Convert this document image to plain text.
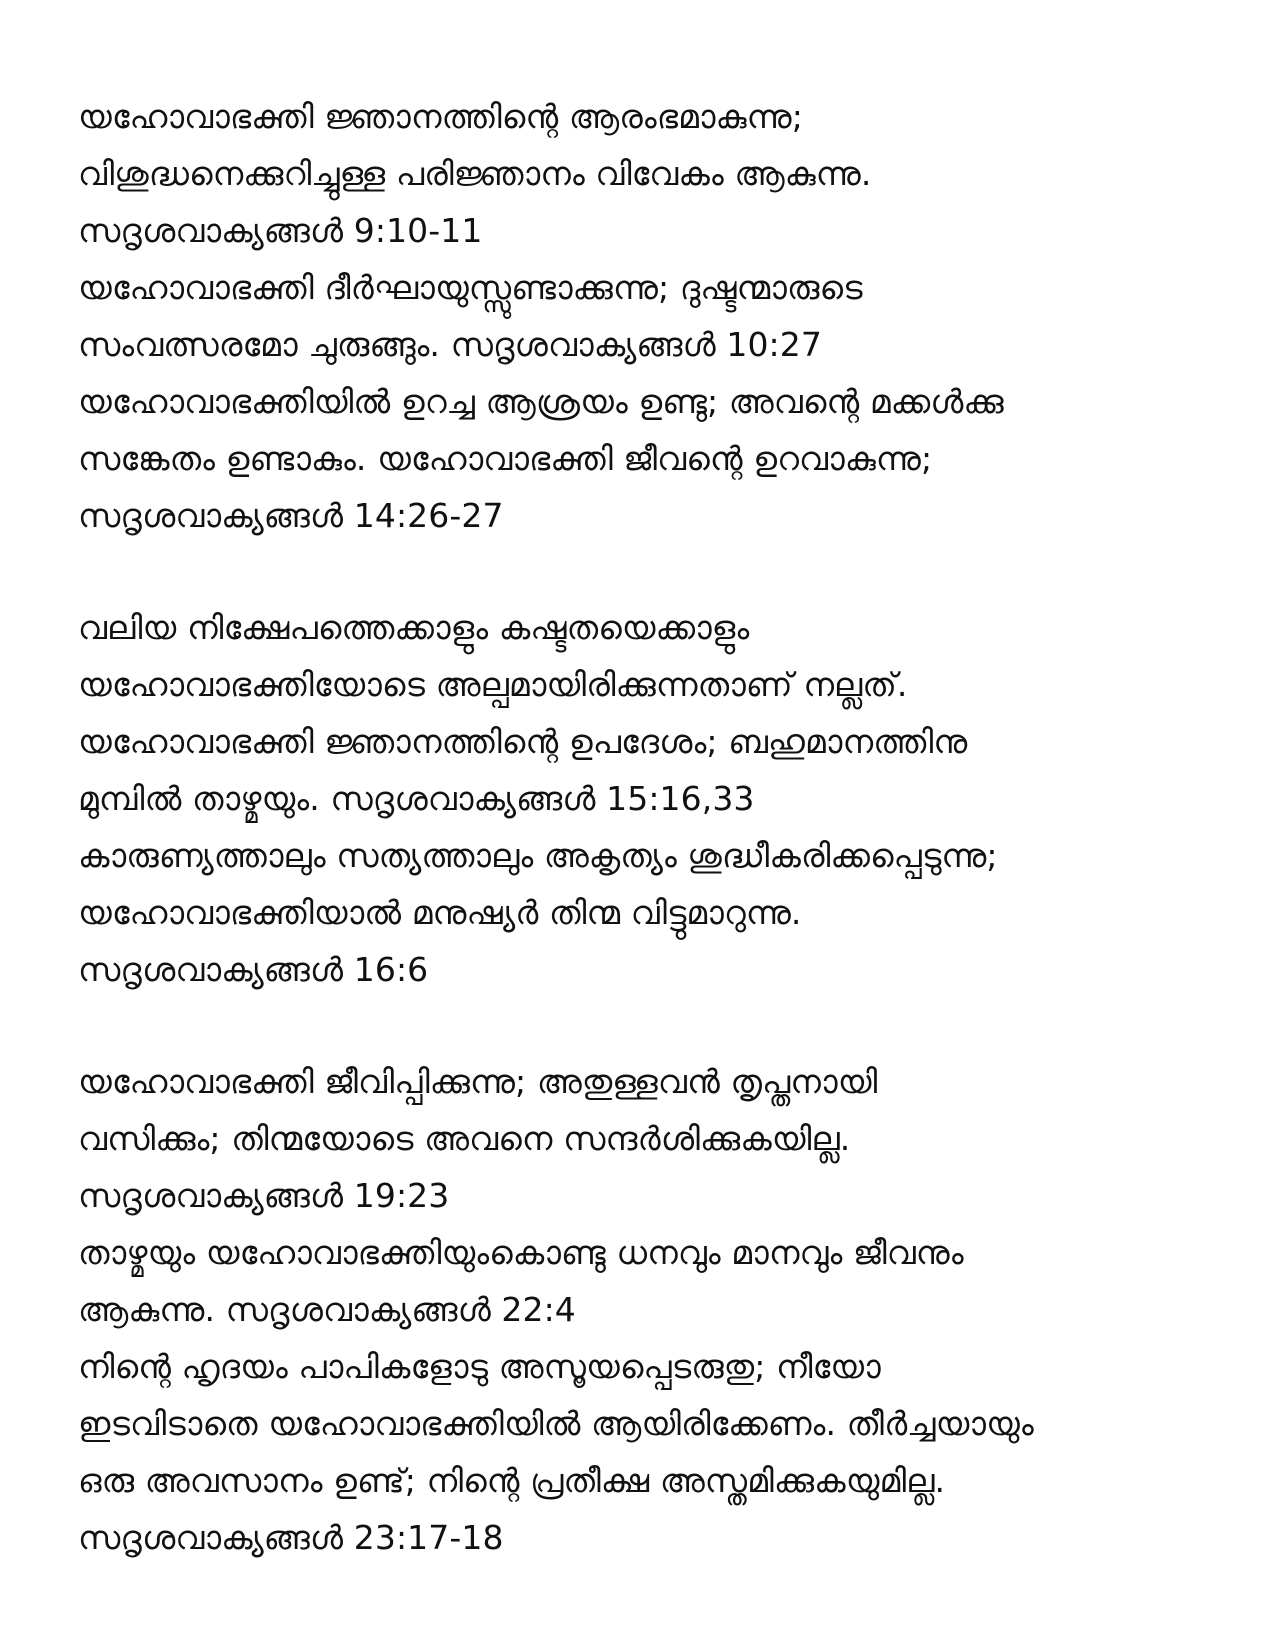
യഹോവാഭക്തി ജ്ഞാനത്തിന്റെ ആരംഭമാകുന്നു;
വിശുദ്ധനെക്കുറിച്ചുള്ള പരിജ്ഞാനം വിവേകം ആകുന്നു.
സദൃശവാക്യങ്ങൾ 9:10-11
യഹോവാഭക്തി ദീർഘായുസ്സുണ്ടാക്കുന്നു; ദുഷ്ടന്മാരുടെ
സംവത്സരമോ ചുരുങ്ങും. സദൃശവാക്യങ്ങൾ 10:27
യഹോവാഭക്തിയിൽ ഉറച്ച ആശ്രയം ഉണ്ടു; അവന്റെ മക്കൾക്കു
സങ്കേതം ഉണ്ടാകും. യഹോവാഭക്തി ജീവന്റെ ഉറവാകുന്നു;
സദൃശവാക്യങ്ങൾ 14:26-27
വലിയ നിക്ഷേപത്തെക്കാളും കഷ്ടതയെക്കാളും
യഹോവാഭക്തിയോടെ അല്പമായിരിക്കുന്നതാണ് നല്ലത്.
യഹോവാഭക്തി ജ്ഞാനത്തിന്റെ ഉപദേശം; ബഹുമാനത്തിനു
മുമ്പിൽ താഴ്മയും. സദൃശവാക്യങ്ങൾ 15:16,33
കാരുണ്യത്താലും സത്യത്താലും അകൃത്യം ശുദ്ധീകരിക്കപ്പെടുന്നു;
യഹോവാഭക്തിയാൽ മനുഷ്യർ തിന്മ വിട്ടുമാറുന്നു.
സദൃശവാക്യങ്ങൾ 16:6
യഹോവാഭക്തി ജീവിപ്പിക്കുന്നു; അതുള്ളവൻ തൃപ്തനായി
വസിക്കും; തിന്മയോടെ അവനെ സന്ദർശിക്കുകയില്ല.
സദൃശവാക്യങ്ങൾ 19:23
താഴ്മയും യഹോവാഭക്തിയുംകൊണ്ടു ധനവും മാനവും ജീവനും
ആകുന്നു. സദൃശവാക്യങ്ങൾ 22:4
നിന്റെ ഹൃദയം പാപികളോടു അസൂയപ്പെടരുതു; നീയോ
ഇടവിടാതെ യഹോവാഭക്തിയിൽ ആയിരിക്കേണം. തീർച്ചയായും
ഒരു അവസാനം ഉണ്ട്; നിന്റെ പ്രതീക്ഷ അസ്തമിക്കുകയുമില്ല.
സദൃശവാക്യങ്ങൾ 23:17-18
